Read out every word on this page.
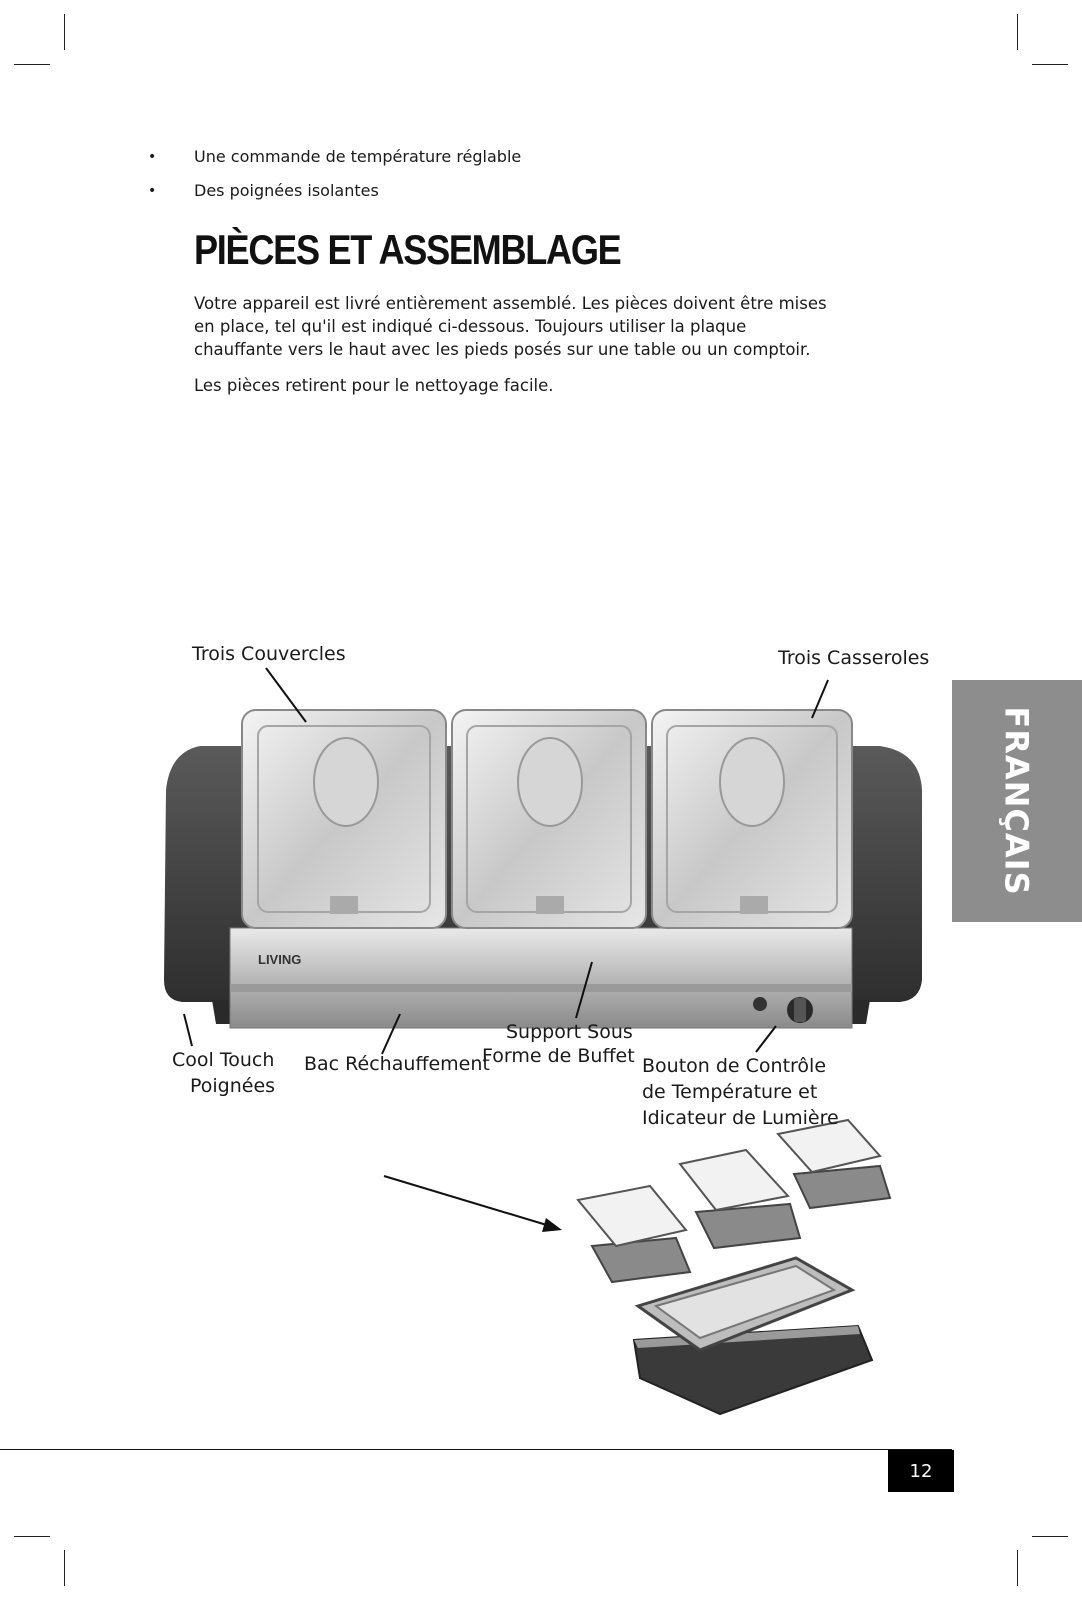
• Une commande de température réglable
• Des poignées isolantes
PIÈCES ET ASSEMBLAGE

Votre appareil est livré entièrement assemblé. Les pièces doivent être mises en place, tel qu'il est indiqué ci-dessous. Toujours utiliser la plaque chauffante vers le haut avec les pieds posés sur une table ou un comptoir.

Les pièces retirent pour le nettoyage facile.

LIVING
Trois Couvercles	Trois Casseroles
Cool Touch
Poignées
Bac Réchauffement
Support Sous
Forme de Buffet Bouton de Contrôle
de Température et
Idicateur de Lumière
FRANÇAIS
12
